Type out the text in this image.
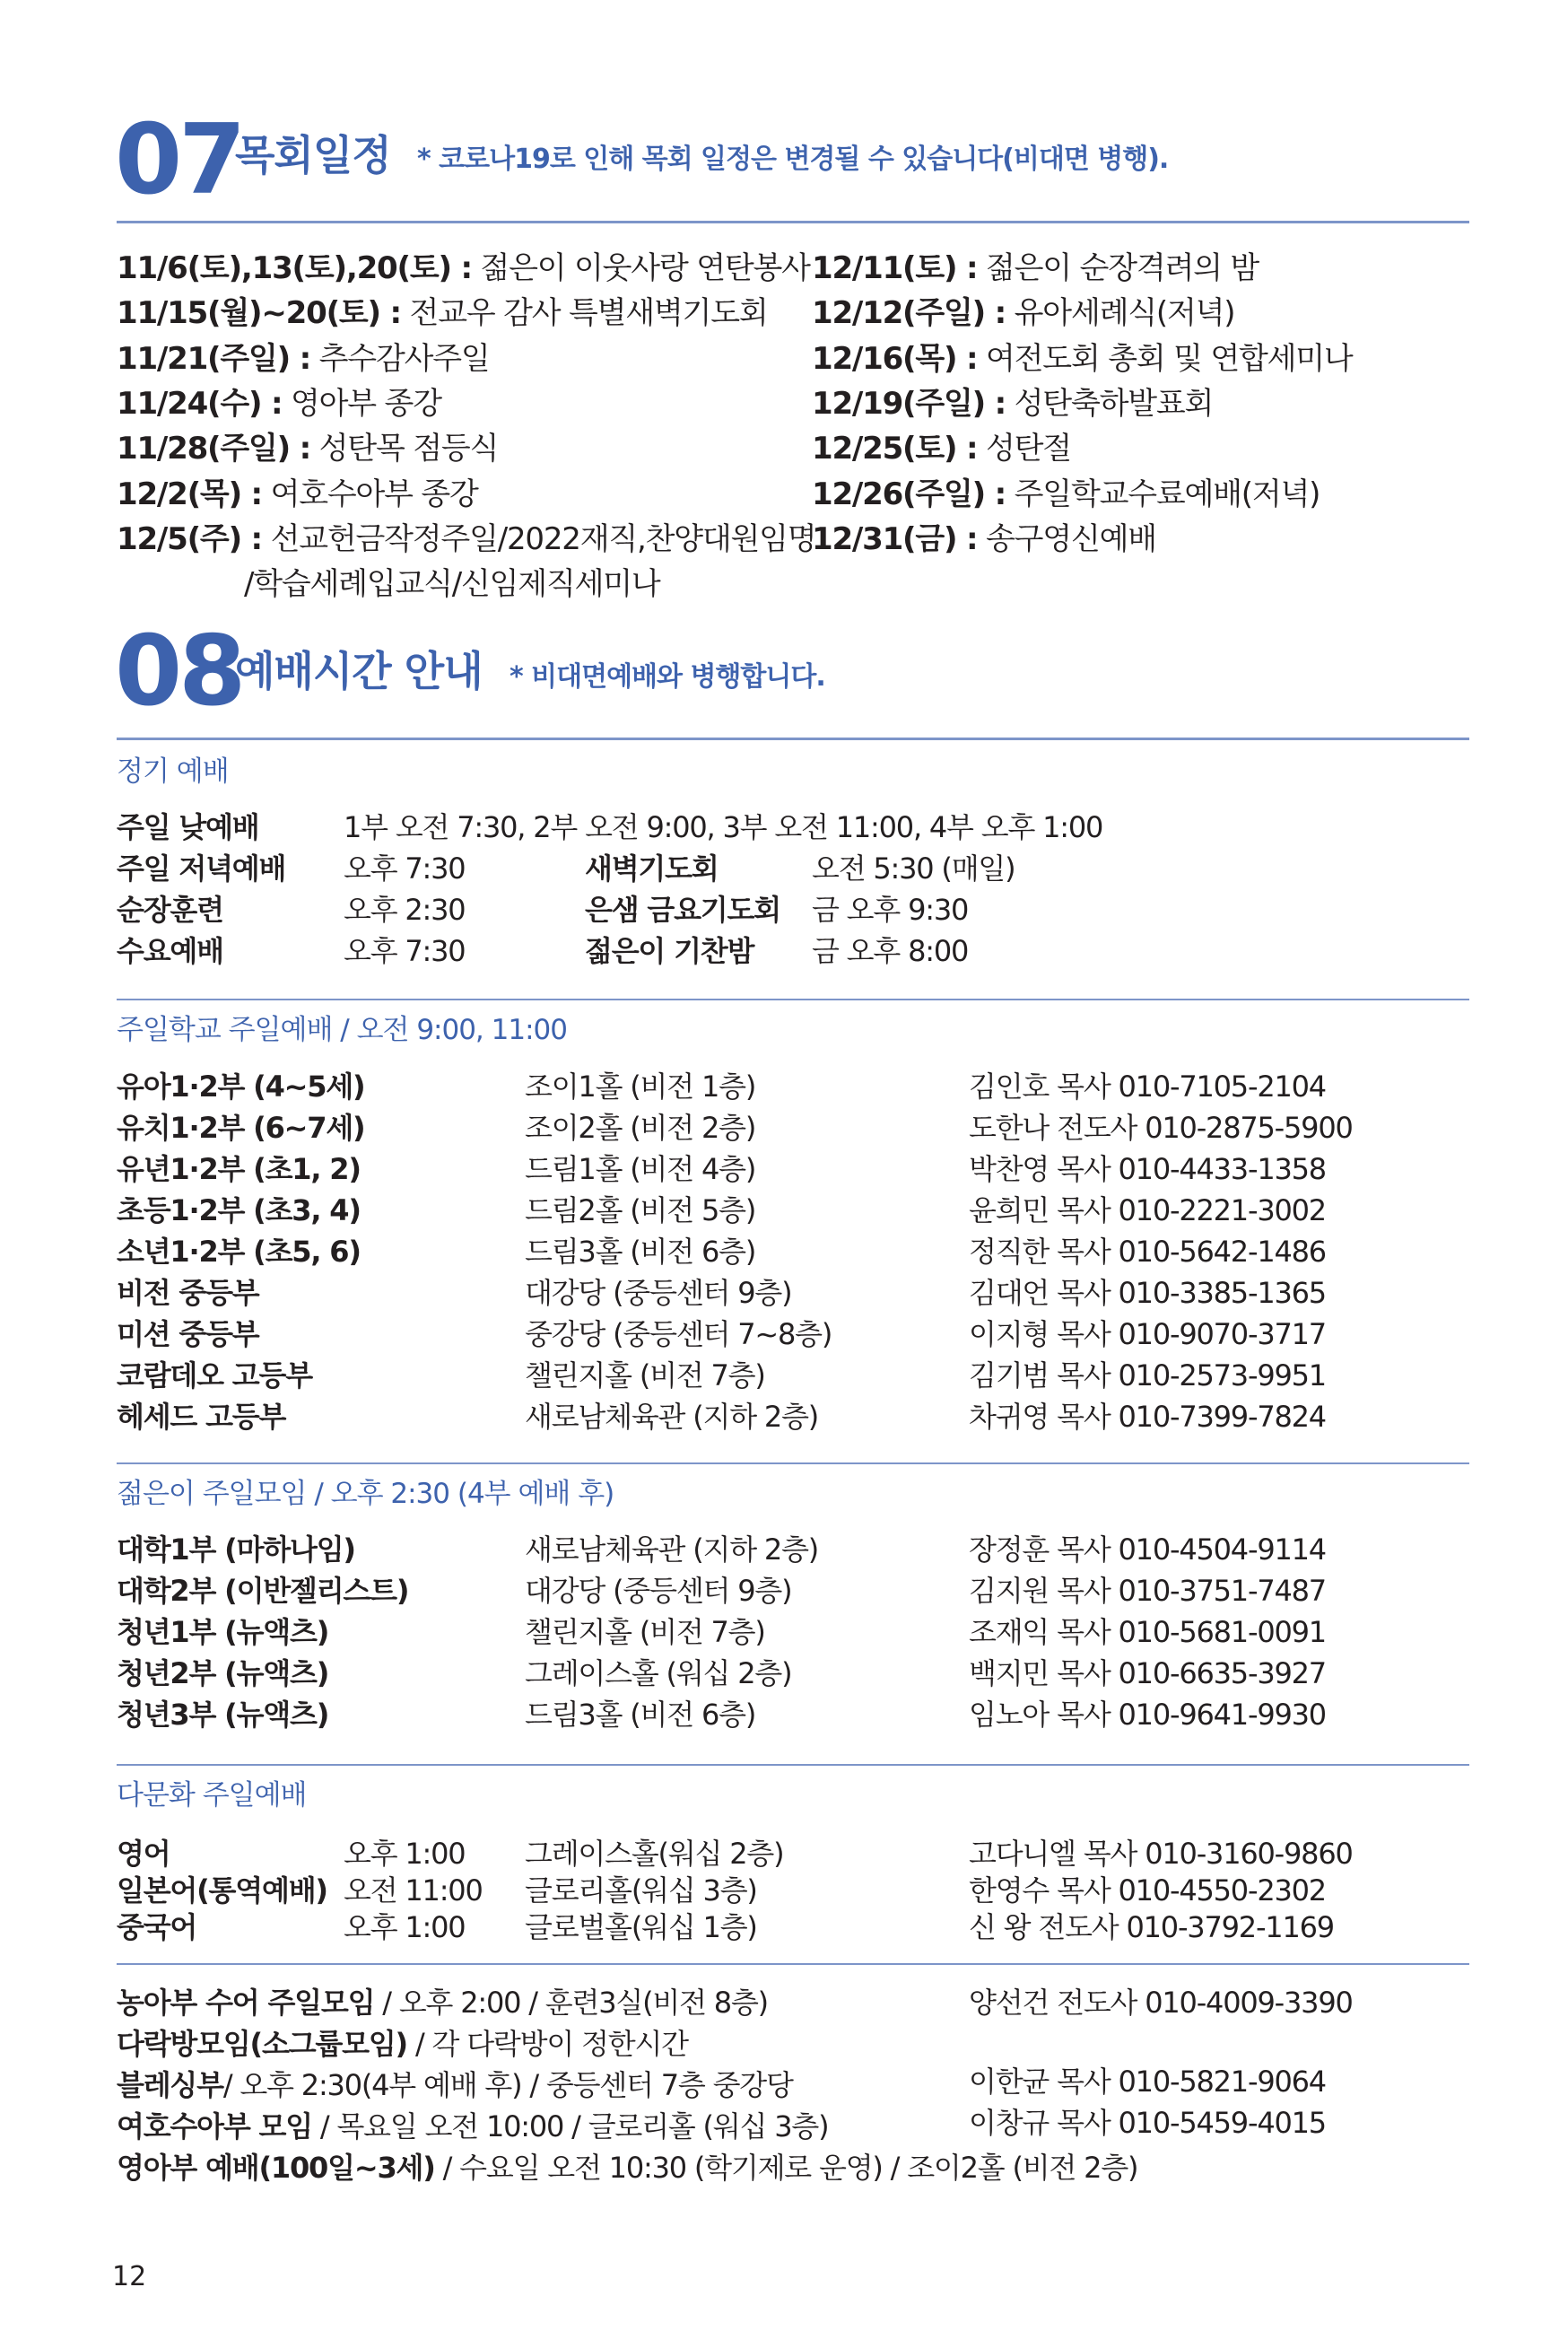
07
목회일정 * 코로나19로 인해 목회 일정은 변경될 수 있습니다(비대면 병행).
11/6(토),13(토),20(토) : 젊은이 이웃사랑 연탄봉사
11/15(월)~20(토) : 전교우 감사 특별새벽기도회
11/21(주일) : 추수감사주일
11/24(수) : 영아부 종강
11/28(주일) : 성탄목 점등식
12/2(목) : 여호수아부 종강
12/5(주) : 선교헌금작정주일/2022재직,찬양대원임명
/학습세례입교식/신임제직세미나
12/11(토) : 젊은이 순장격려의 밤
12/12(주일) : 유아세례식(저녁)
12/16(목) : 여전도회 총회 및 연합세미나
12/19(주일) : 성탄축하발표회
12/25(토) : 성탄절
12/26(주일) : 주일학교수료예배(저녁)
12/31(금) : 송구영신예배
08
예배시간 안내 * 비대면예배와 병행합니다.
정기 예배
주일 낮예배	1부 오전 7:30, 2부 오전 9:00, 3부 오전 11:00, 4부 오후 1:00
주일 저녁예배 오후 7:30	새벽기도회	오전 5:30 (매일)
순장훈련	오후 2:30	은샘 금요기도회 금 오후 9:30
수요예배	오후 7:30	젊은이 기찬밤 금 오후 8:00
주일학교 주일예배 / 오전 9:00, 11:00
유아1·2부 (4~5세)	조이1홀 (비전 1층)	김인호 목사 010-7105-2104
유치1·2부 (6~7세)	조이2홀 (비전 2층)	도한나 전도사 010-2875-5900
유년1·2부 (초1, 2)	드림1홀 (비전 4층)	박찬영 목사 010-4433-1358
초등1·2부 (초3, 4)	드림2홀 (비전 5층)	윤희민 목사 010-2221-3002
소년1·2부 (초5, 6)	드림3홀 (비전 6층)	정직한 목사 010-5642-1486
비전 중등부	대강당 (중등센터 9층)	김대언 목사 010-3385-1365
미션 중등부	중강당 (중등센터 7~8층)	이지형 목사 010-9070-3717
코람데오 고등부	챌린지홀 (비전 7층)	김기범 목사 010-2573-9951
헤세드 고등부	새로남체육관 (지하 2층)	차귀영 목사 010-7399-7824
젊은이 주일모임 / 오후 2:30 (4부 예배 후)
대학1부 (마하나임)	새로남체육관 (지하 2층)	장정훈 목사 010-4504-9114
대학2부 (이반젤리스트)	대강당 (중등센터 9층)	김지원 목사 010-3751-7487
청년1부 (뉴액츠)	챌린지홀 (비전 7층)	조재익 목사 010-5681-0091
청년2부 (뉴액츠)	그레이스홀 (워십 2층)	백지민 목사 010-6635-3927
청년3부 (뉴액츠)	드림3홀 (비전 6층)	임노아 목사 010-9641-9930
다문화 주일예배
영어	오후 1:00 그레이스홀(워십 2층)	고다니엘 목사 010-3160-9860
일본어(통역예배) 오전 11:00 글로리홀(워십 3층)	한영수 목사 010-4550-2302
중국어	오후 1:00 글로벌홀(워십 1층)	신 왕 전도사 010-3792-1169
농아부 수어 주일모임 / 오후 2:00 / 훈련3실(비전 8층)	양선건 전도사 010-4009-3390
다락방모임(소그룹모임) / 각 다락방이 정한시간
블레싱부/ 오후 2:30(4부 예배 후) / 중등센터 7층 중강당	이한균 목사 010-5821-9064
여호수아부 모임 / 목요일 오전 10:00 / 글로리홀 (워십 3층)	이창규 목사 010-5459-4015
영아부 예배(100일~3세) / 수요일 오전 10:30 (학기제로 운영) / 조이2홀 (비전 2층)
12
